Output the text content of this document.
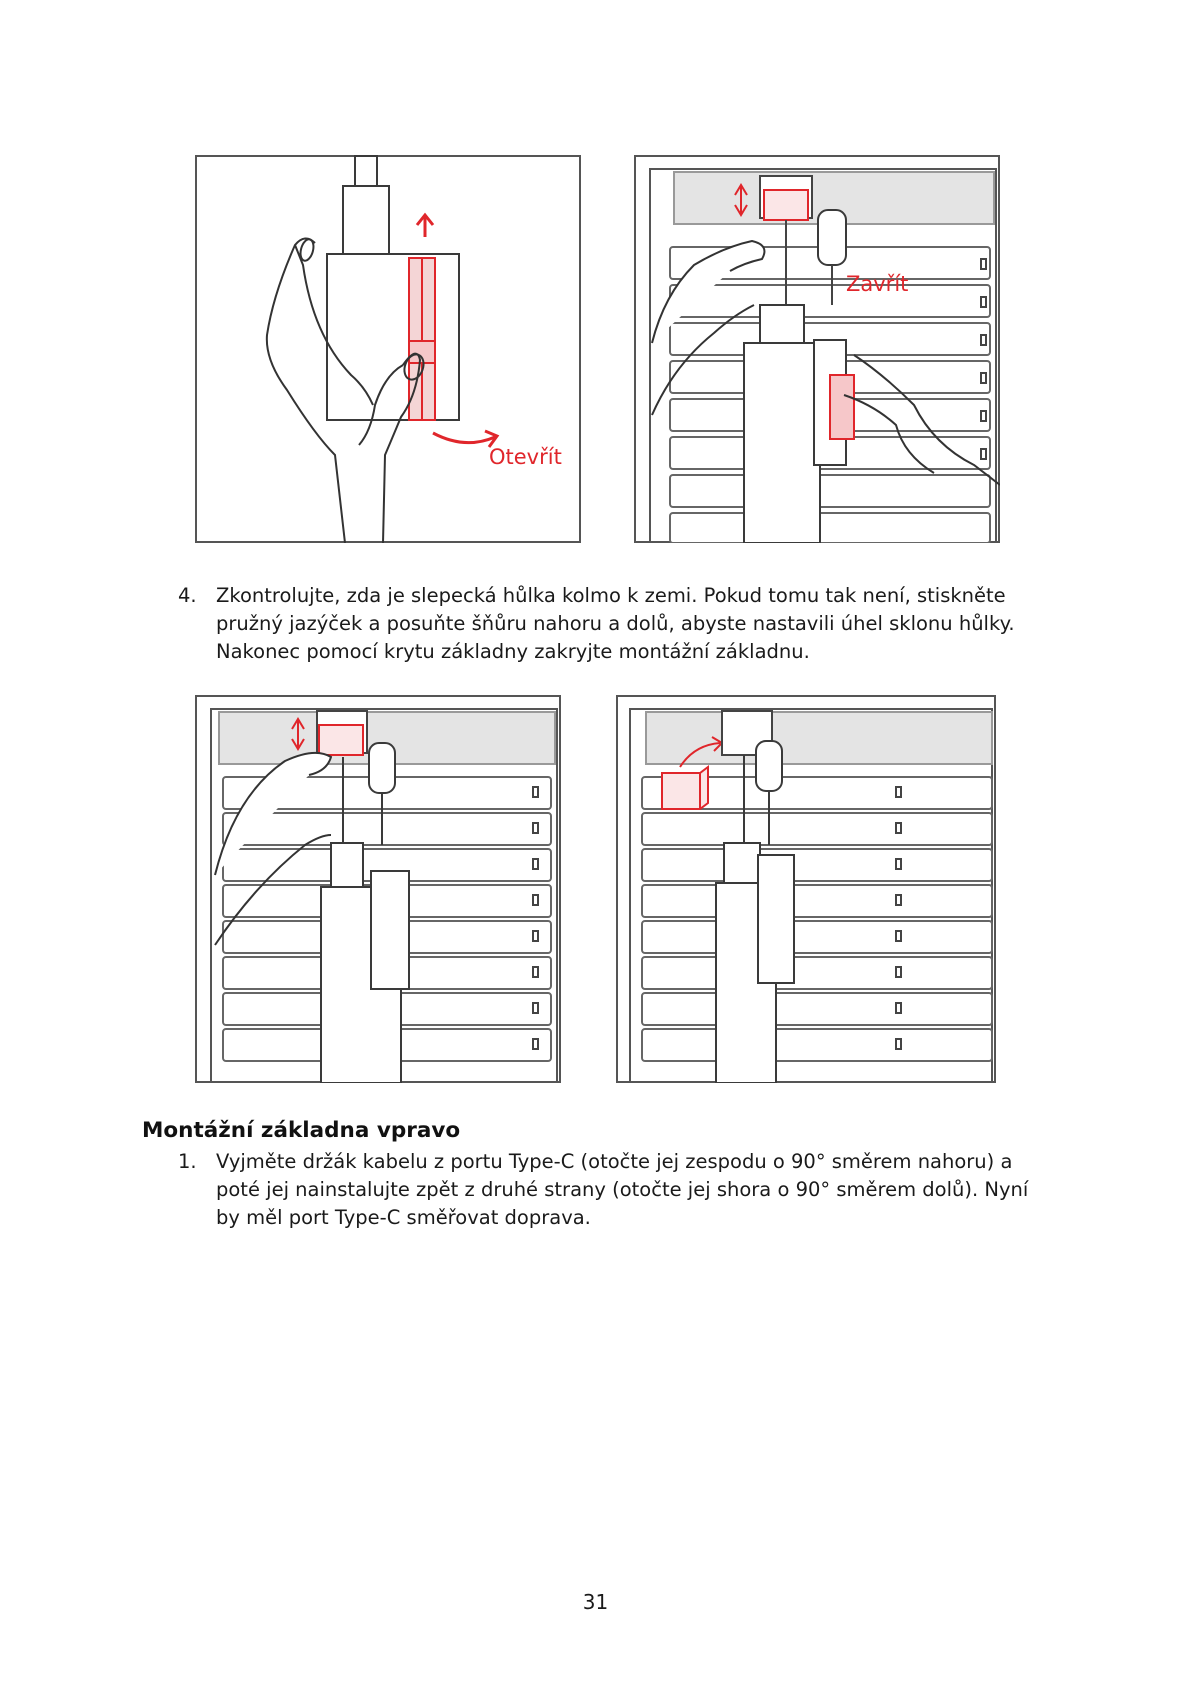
Otevřít
Zavřít
4. Zkontrolujte, zda je slepecká hůlka kolmo k zemi. Pokud tomu tak není, stiskněte
pružný jazýček a posuňte šňůru nahoru a dolů, abyste nastavili úhel sklonu hůlky.
Nakonec pomocí krytu základny zakryjte montážní základnu.
Montážní základna vpravo
1. Vyjměte držák kabelu z portu Type-C (otočte jej zespodu o 90° směrem nahoru) a
poté jej nainstalujte zpět z druhé strany (otočte jej shora o 90° směrem dolů). Nyní
by měl port Type-C směřovat doprava.
31
